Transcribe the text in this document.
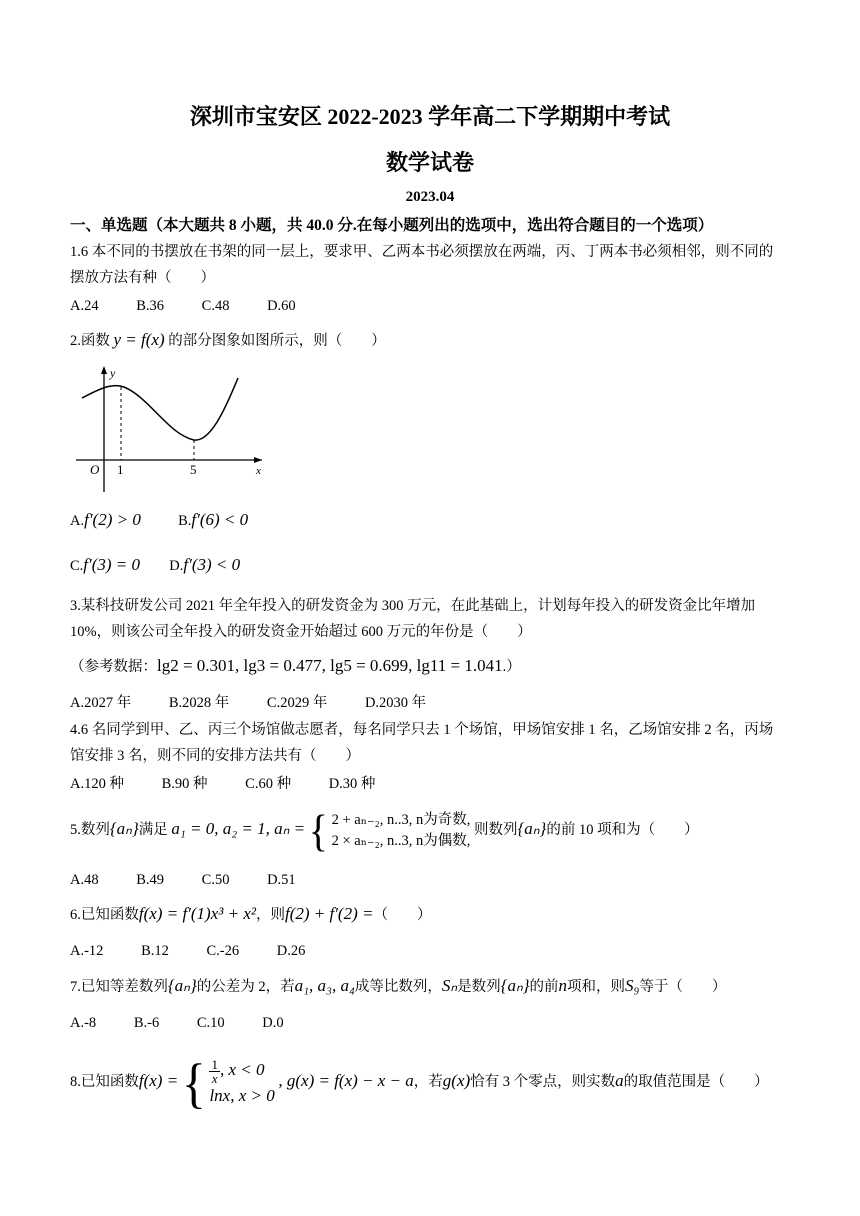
深圳市宝安区 2022-2023 学年高二下学期期中考试
数学试卷
2023.04
一、单选题（本大题共 8 小题，共 40.0 分.在每小题列出的选项中，选出符合题目的一个选项）
1.6 本不同的书摆放在书架的同一层上，要求甲、乙两本书必须摆放在两端，丙、丁两本书必须相邻，则不同的
摆放方法有种（　　）
A.24	B.36	C.48	D.60
2.函数 y = f(x) 的部分图象如图所示，则（　　）
y
x
O 1	5
A.f′(2) > 0	B.f′(6) < 0
C.f′(3) = 0 D.f′(3) < 0
3.某科技研发公司 2021 年全年投入的研发资金为 300 万元，在此基础上，计划每年投入的研发资金比年增加
10%，则该公司全年投入的研发资金开始超过 600 万元的年份是（　　）
（参考数据：lg2 = 0.301, lg3 = 0.477, lg5 = 0.699, lg11 = 1.041.）
A.2027 年	B.2028 年	C.2029 年	D.2030 年
4.6 名同学到甲、乙、丙三个场馆做志愿者，每名同学只去 1 个场馆，甲场馆安排 1 名，乙场馆安排 2 名，丙场
馆安排 3 名，则不同的安排方法共有（　　）
A.120 种	B.90 种	C.60 种	D.30 种
5.数列{aₙ}满足 a₁ = 0, a₂ = 1, aₙ = { 2 + aₙ₋₂, n..3, n为奇数,
2 × aₙ₋₂, n..3, n为偶数,
则数列{aₙ}的前 10 项和为（　　）
A.48	B.49	C.50	D.51
6.已知函数f(x) = f′(1)x³ + x²，则f(2) + f′(2) =（　　）
A.-12	B.12	C.-26	D.26
7.已知等差数列{aₙ}的公差为 2，若a₁, a₃, a₄成等比数列，Sₙ是数列{aₙ}的前n项和，则S₉等于（　　）
A.-8	B.-6	C.10	D.0
8.已知函数f(x) = { $\frac{1}{x}$ , x < 0
lnx, x > 0
, g(x) = f(x) − x − a，若g(x)恰有 3 个零点，则实数a的取值范围是（　　）
